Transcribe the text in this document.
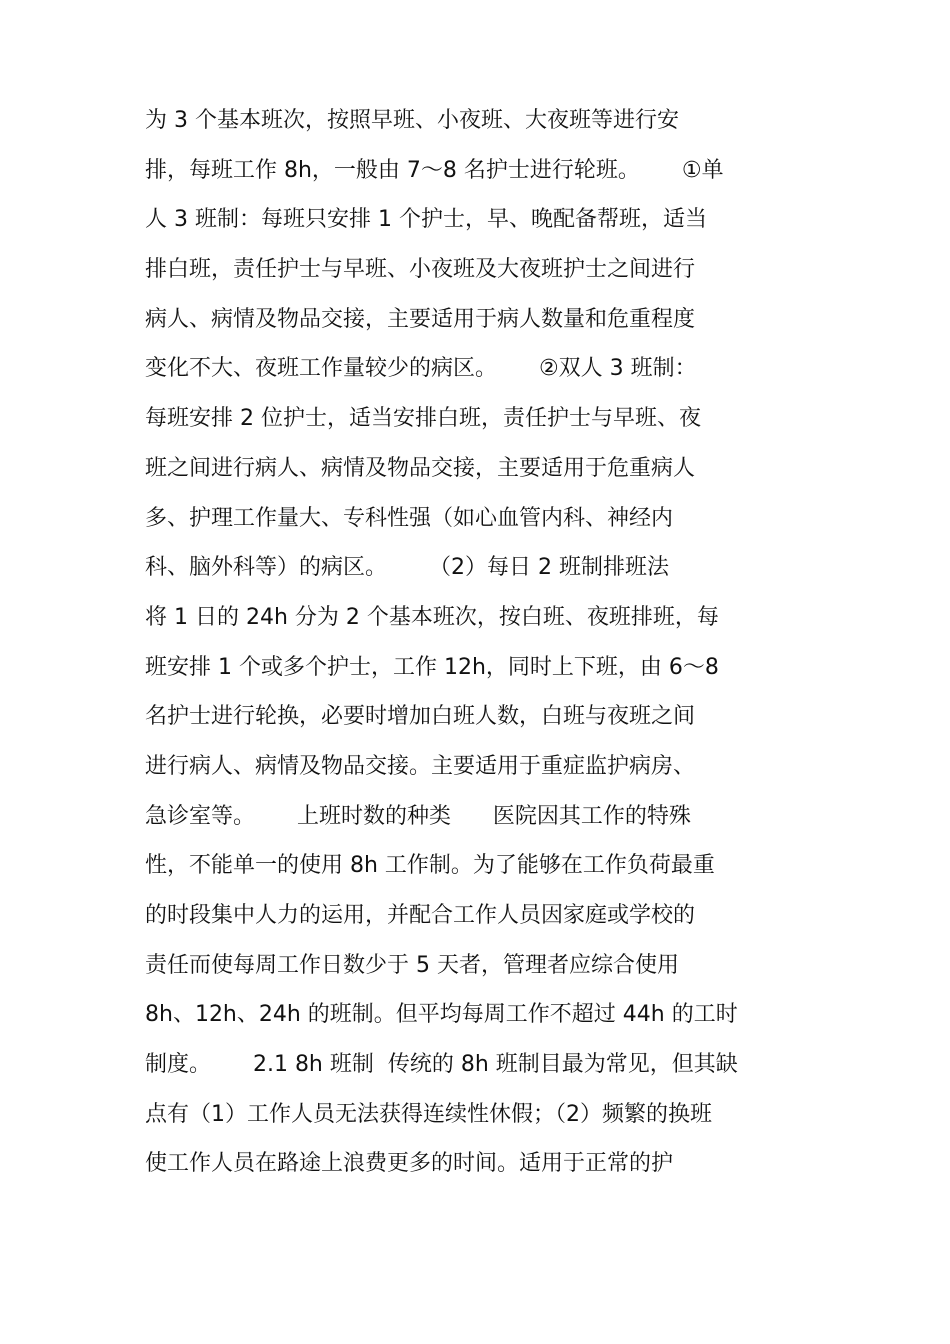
为 3 个基本班次，按照早班、小夜班、大夜班等进行安
排，每班工作 8h，一般由 7～8 名护士进行轮班。      ①单
人 3 班制：每班只安排 1 个护士，早、晚配备帮班，适当
排白班，责任护士与早班、小夜班及大夜班护士之间进行
病人、病情及物品交接，主要适用于病人数量和危重程度
变化不大、夜班工作量较少的病区。      ②双人 3 班制：
每班安排 2 位护士，适当安排白班，责任护士与早班、夜
班之间进行病人、病情及物品交接，主要适用于危重病人
多、护理工作量大、专科性强（如心血管内科、神经内
科、脑外科等）的病区。      （2）每日 2 班制排班法
将 1 日的 24h 分为 2 个基本班次，按白班、夜班排班，每
班安排 1 个或多个护士，工作 12h，同时上下班，由 6～8
名护士进行轮换，必要时增加白班人数，白班与夜班之间
进行病人、病情及物品交接。主要适用于重症监护病房、
急诊室等。      上班时数的种类      医院因其工作的特殊
性，不能单一的使用 8h 工作制。为了能够在工作负荷最重
的时段集中人力的运用，并配合工作人员因家庭或学校的
责任而使每周工作日数少于 5 天者，管理者应综合使用
8h、12h、24h 的班制。但平均每周工作不超过 44h 的工时
制度。      2.1 8h 班制  传统的 8h 班制目最为常见，但其缺
点有（1）工作人员无法获得连续性休假；（2）频繁的换班
使工作人员在路途上浪费更多的时间。适用于正常的护
